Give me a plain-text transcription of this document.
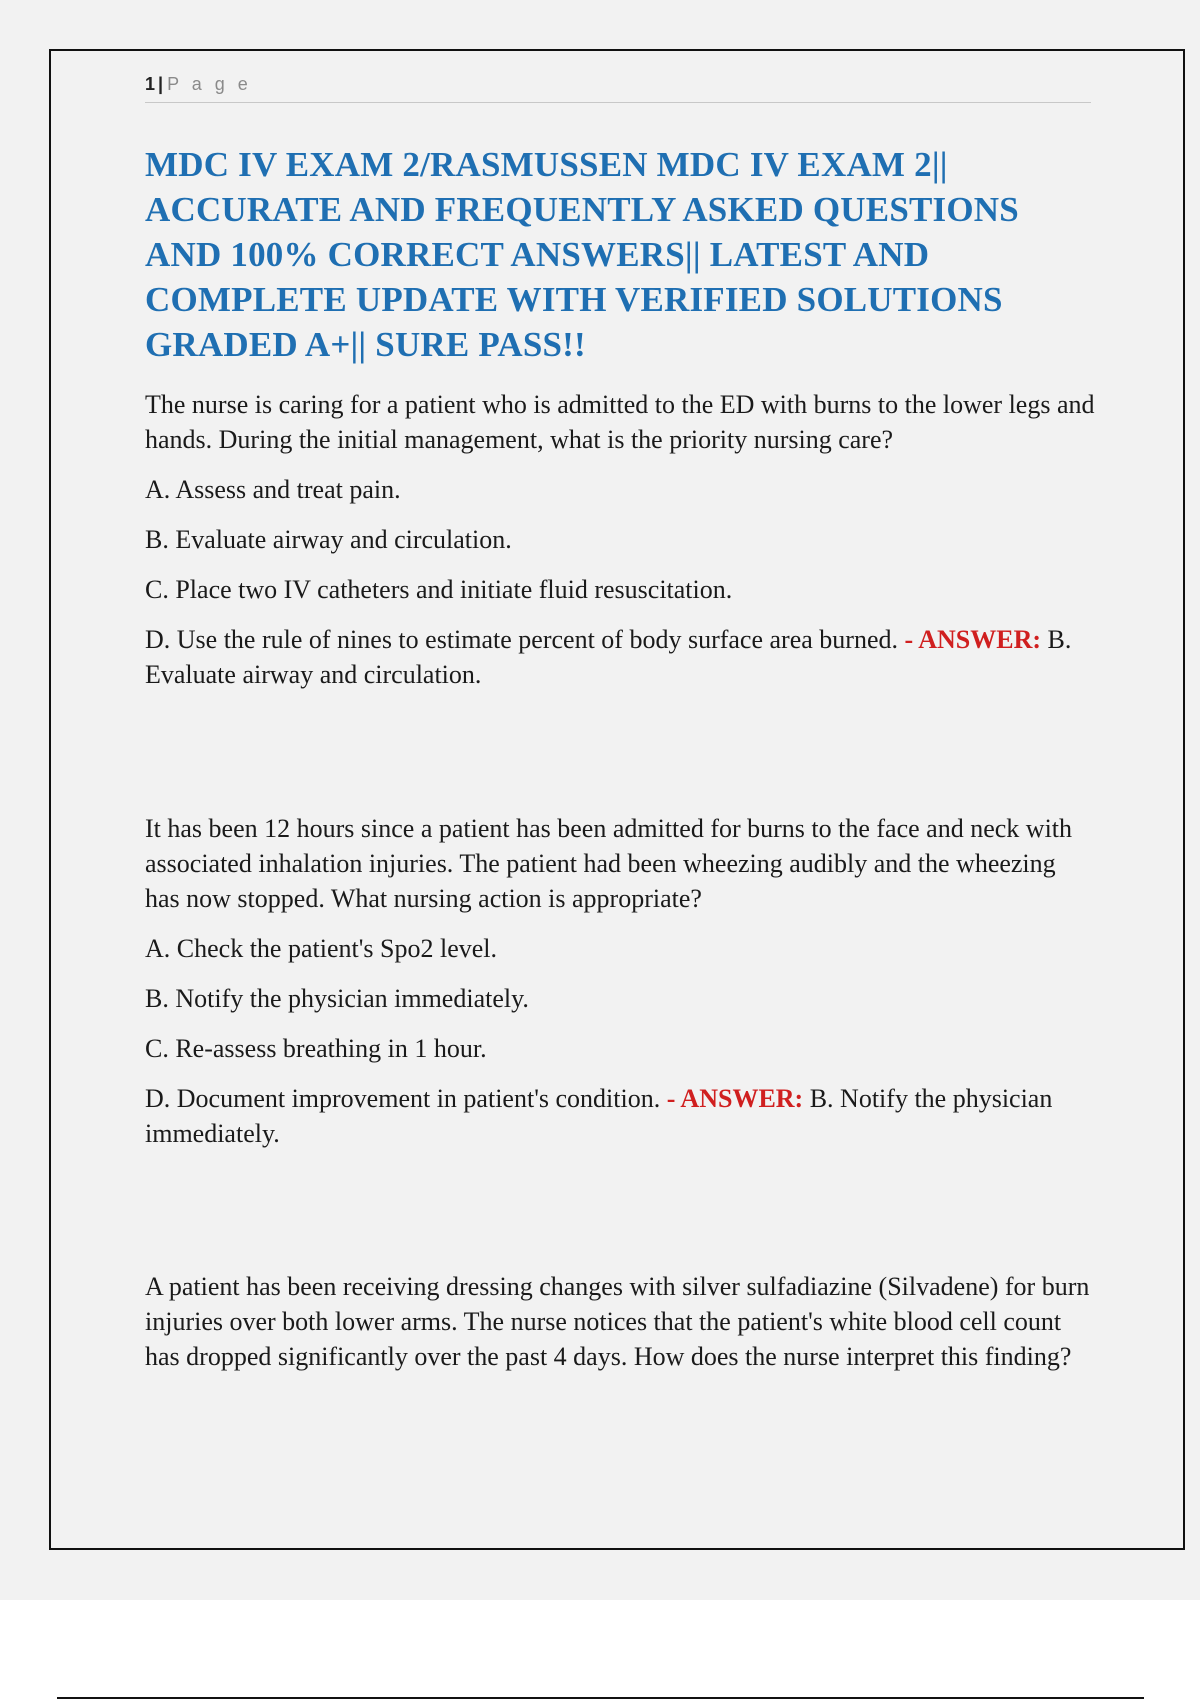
1 | P a g e
MDC IV EXAM 2/RASMUSSEN MDC IV EXAM 2|| ACCURATE AND FREQUENTLY ASKED QUESTIONS AND 100% CORRECT ANSWERS|| LATEST AND COMPLETE UPDATE WITH VERIFIED SOLUTIONS GRADED A+|| SURE PASS!!

The nurse is caring for a patient who is admitted to the ED with burns to the lower legs and hands. During the initial management, what is the priority nursing care?

A. Assess and treat pain.

B. Evaluate airway and circulation.

C. Place two IV catheters and initiate fluid resuscitation.

D. Use the rule of nines to estimate percent of body surface area burned. - ANSWER: B. Evaluate airway and circulation.

It has been 12 hours since a patient has been admitted for burns to the face and neck with associated inhalation injuries. The patient had been wheezing audibly and the wheezing has now stopped. What nursing action is appropriate?

A. Check the patient's Spo2 level.

B. Notify the physician immediately.

C. Re-assess breathing in 1 hour.

D. Document improvement in patient's condition. - ANSWER: B. Notify the physician immediately.

A patient has been receiving dressing changes with silver sulfadiazine (Silvadene) for burn injuries over both lower arms. The nurse notices that the patient's white blood cell count has dropped significantly over the past 4 days. How does the nurse interpret this finding?
